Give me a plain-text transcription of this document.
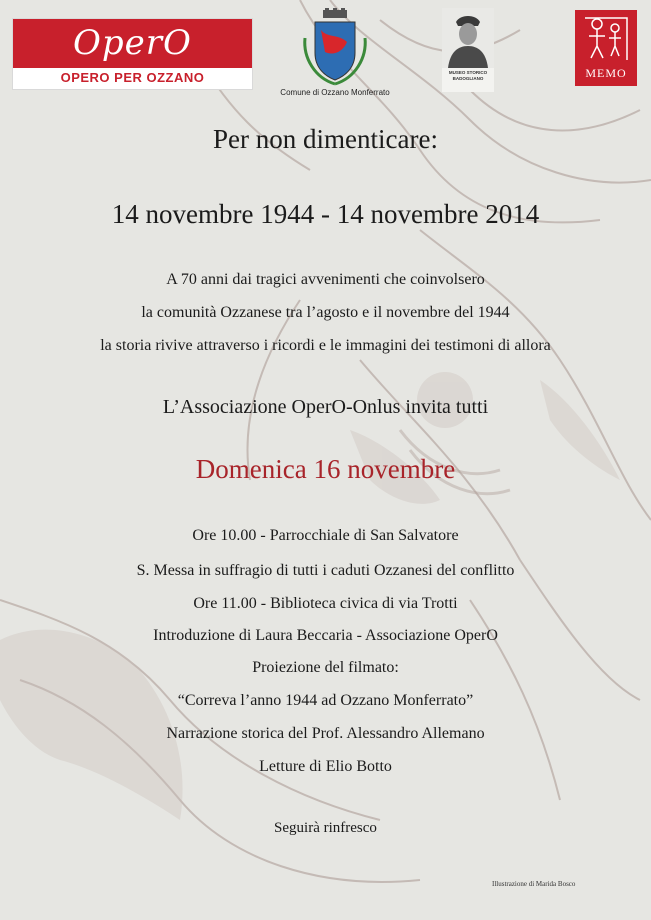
OperO
OPERO PER OZZANO
Comune di Ozzano Monferrato
MUSEO STORICO BADOGLIANO	MEMO
Per non dimenticare:
14 novembre 1944 - 14 novembre 2014
A 70 anni dai tragici avvenimenti che coinvolsero
la comunità Ozzanese tra l’agosto e il novembre del 1944
la storia rivive attraverso i ricordi e le immagini dei testimoni di allora
L’Associazione OperO-Onlus invita tutti
Domenica 16 novembre
Ore 10.00 - Parrocchiale di San Salvatore
S. Messa in suffragio di tutti i caduti Ozzanesi del conflitto
Ore 11.00 - Biblioteca civica di via Trotti
Introduzione di Laura Beccaria - Associazione OperO
Proiezione del filmato:
“Correva l’anno 1944 ad Ozzano Monferrato”
Narrazione storica del Prof. Alessandro Allemano
Letture di Elio Botto
Seguirà rinfresco
Illustrazione di Marida Bosco
